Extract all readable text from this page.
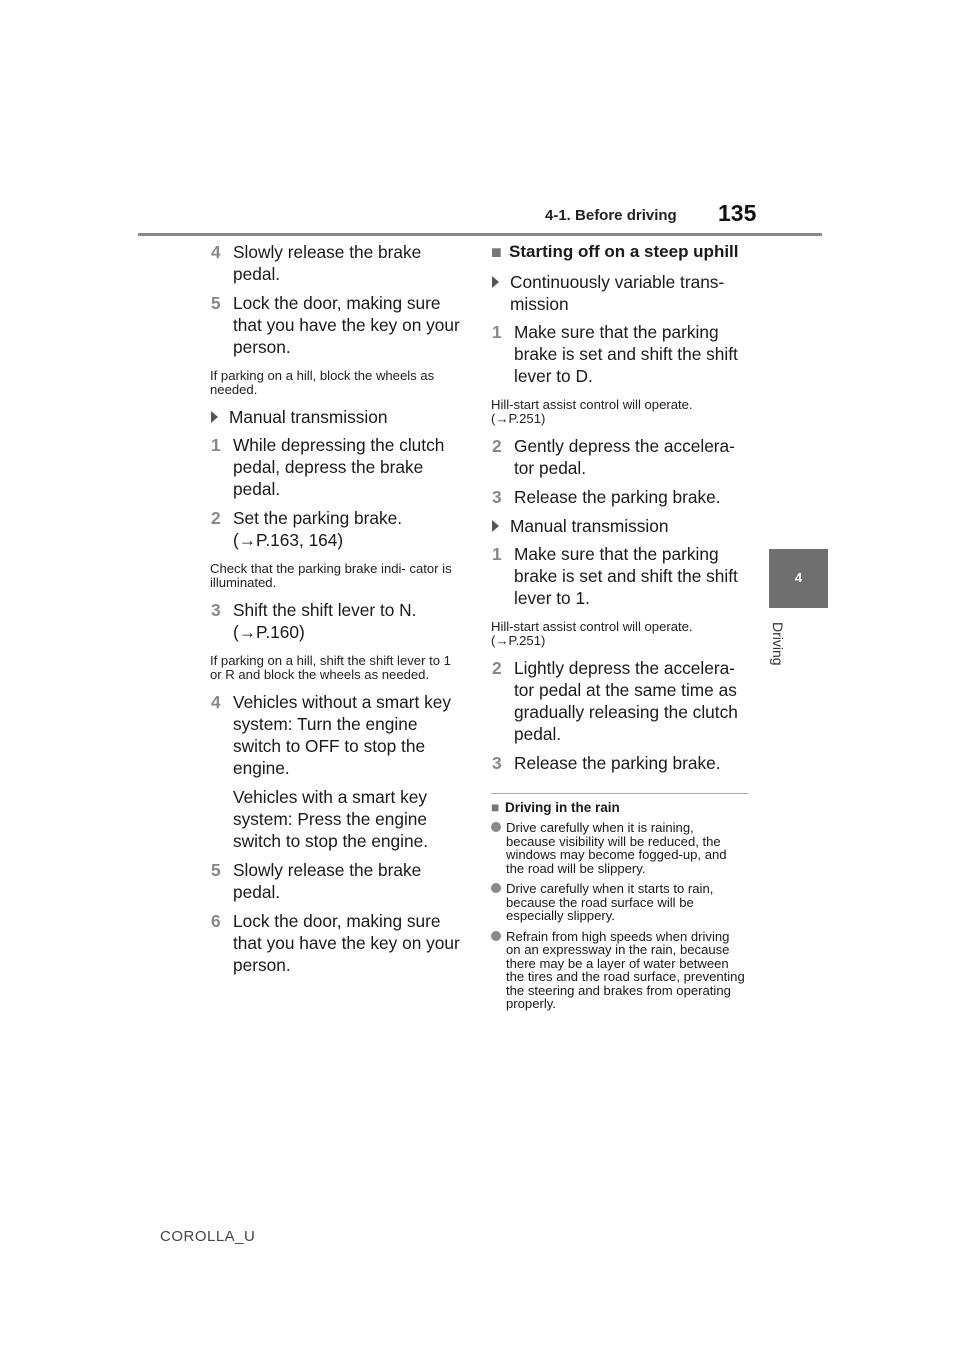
4-1. Before driving 135
4
Driving
4 Slowly release the brake pedal.
5 Lock the door, making sure that you have the key on your person.
If parking on a hill, block the wheels as needed.
Manual transmission
1 While depressing the clutch pedal, depress the brake pedal.
2 Set the parking brake. (→P.163, 164)
Check that the parking brake indi- cator is illuminated.
3 Shift the shift lever to N. (→P.160)
If parking on a hill, shift the shift lever to 1 or R and block the wheels as needed.
4 Vehicles without a smart key system: Turn the engine switch to OFF to stop the engine.
Vehicles with a smart key system: Press the engine switch to stop the engine.
5 Slowly release the brake pedal.
6 Lock the door, making sure that you have the key on your person.
■ Starting off on a steep uphill
Continuously variable trans- mission
1 Make sure that the parking brake is set and shift the shift lever to D.
Hill-start assist control will operate. (→P.251)
2 Gently depress the accelera- tor pedal.
3 Release the parking brake.
Manual transmission
1 Make sure that the parking brake is set and shift the shift lever to 1.
Hill-start assist control will operate. (→P.251)
2 Lightly depress the accelera- tor pedal at the same time as gradually releasing the clutch pedal.
3 Release the parking brake.
■ Driving in the rain
Drive carefully when it is raining, because visibility will be reduced, the windows may become fogged-up, and the road will be slippery.
Drive carefully when it starts to rain, because the road surface will be especially slippery.
Refrain from high speeds when driving on an expressway in the rain, because there may be a layer of water between the tires and the road surface, preventing the steering and brakes from operating properly.
COROLLA_U
